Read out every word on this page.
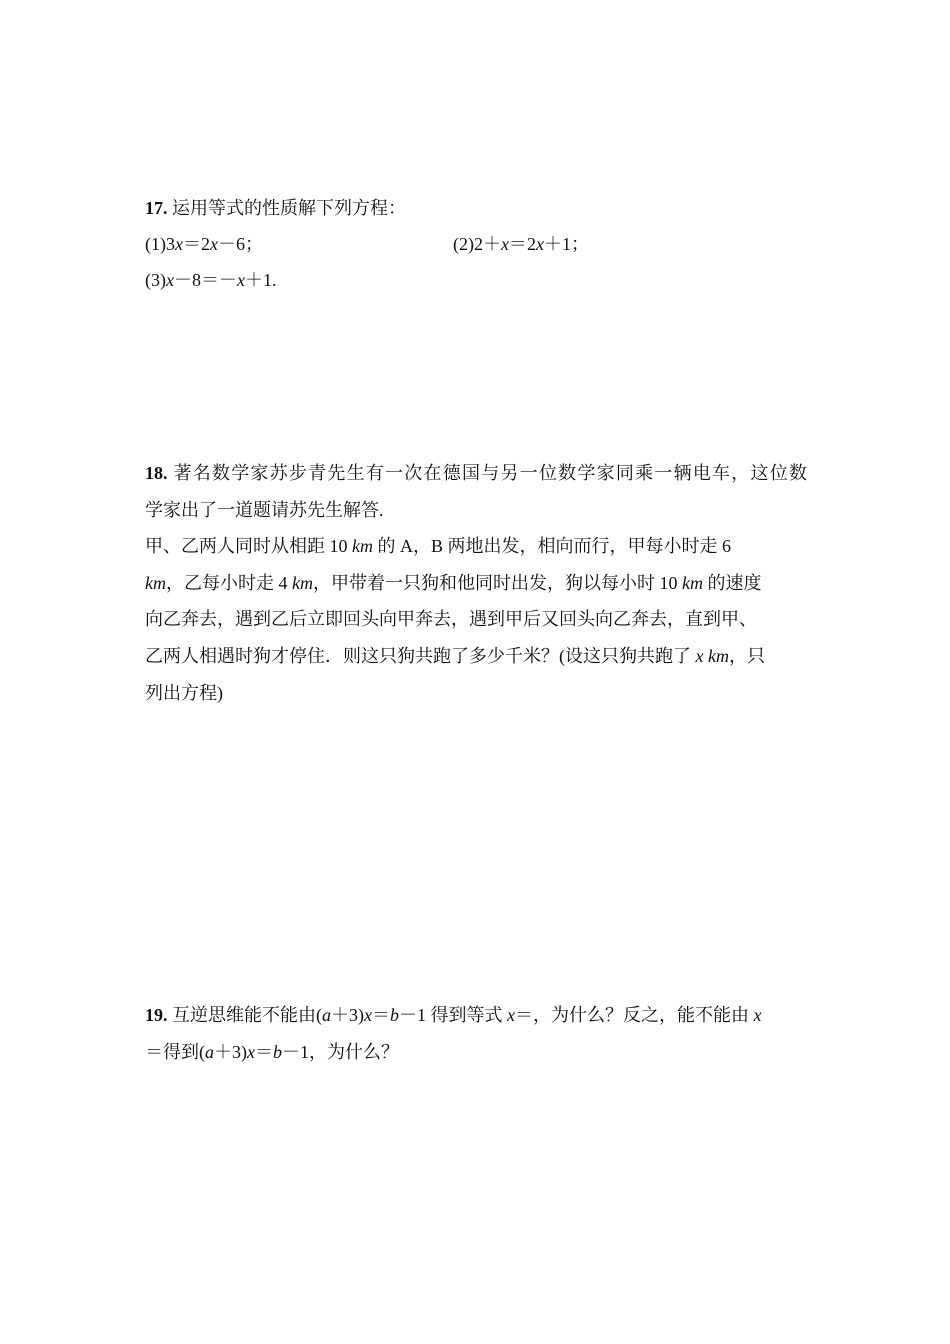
17. 运用等式的性质解下列方程：
(1)3x＝2x－6；	(2)2＋x＝2x＋1；
(3)x－8＝－x＋1.
18. 著名数学家苏步青先生有一次在德国与另一位数学家同乘一辆电车，这位数
学家出了一道题请苏先生解答.
甲、乙两人同时从相距 10 km 的 A，B 两地出发，相向而行，甲每小时走 6
km，乙每小时走 4 km，甲带着一只狗和他同时出发，狗以每小时 10 km 的速度
向乙奔去，遇到乙后立即回头向甲奔去，遇到甲后又回头向乙奔去，直到甲、
乙两人相遇时狗才停住．则这只狗共跑了多少千米？(设这只狗共跑了 x km，只
列出方程)
19. 互逆思维能不能由(a＋3)x＝b－1 得到等式 x＝，为什么？反之，能不能由 x
＝得到(a＋3)x＝b－1，为什么？
